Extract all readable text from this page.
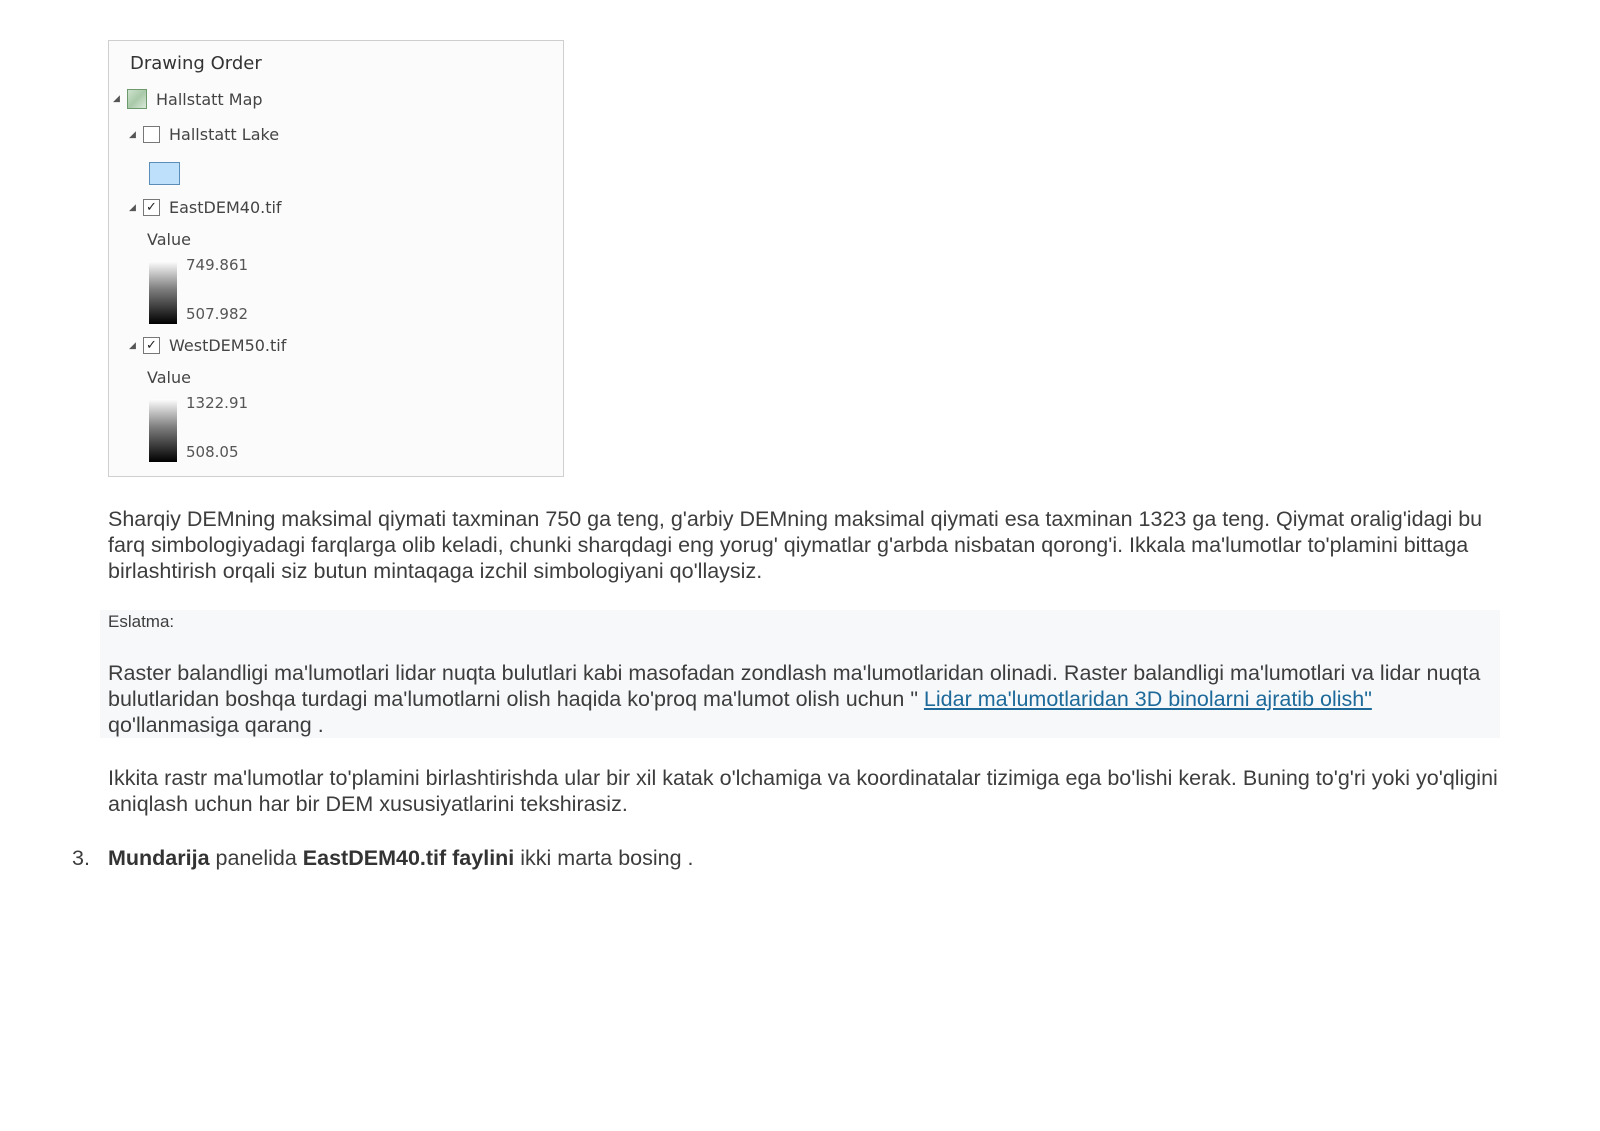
Drawing Order
◢	Hallstatt Map
◢	Hallstatt Lake
◢ ✓ EastDEM40.tif
Value
749.861
507.982
◢ ✓ WestDEM50.tif
Value
1322.91
508.05

Sharqiy DEMning maksimal qiymati taxminan 750 ga teng, g'arbiy DEMning maksimal qiymati esa taxminan 1323 ga teng. Qiymat oralig'idagi bu farq simbologiyadagi farqlarga olib keladi, chunki sharqdagi eng yorug' qiymatlar g'arbda nisbatan qorong'i. Ikkala ma'lumotlar to'plamini bittaga birlashtirish orqali siz butun mintaqaga izchil simbologiyani qo'llaysiz.

Eslatma:

Raster balandligi ma'lumotlari lidar nuqta bulutlari kabi masofadan zondlash ma'lumotlaridan olinadi. Raster balandligi ma'lumotlari va lidar nuqta bulutlaridan boshqa turdagi ma'lumotlarni olish haqida ko'proq ma'lumot olish uchun " Lidar ma'lumotlaridan 3D binolarni ajratib olish" qo'llanmasiga qarang .

Ikkita rastr ma'lumotlar to'plamini birlashtirishda ular bir xil katak o'lchamiga va koordinatalar tizimiga ega bo'lishi kerak. Buning to'g'ri yoki yo'qligini aniqlash uchun har bir DEM xususiyatlarini tekshirasiz.

3. Mundarija panelida EastDEM40.tif faylini ikki marta bosing .
